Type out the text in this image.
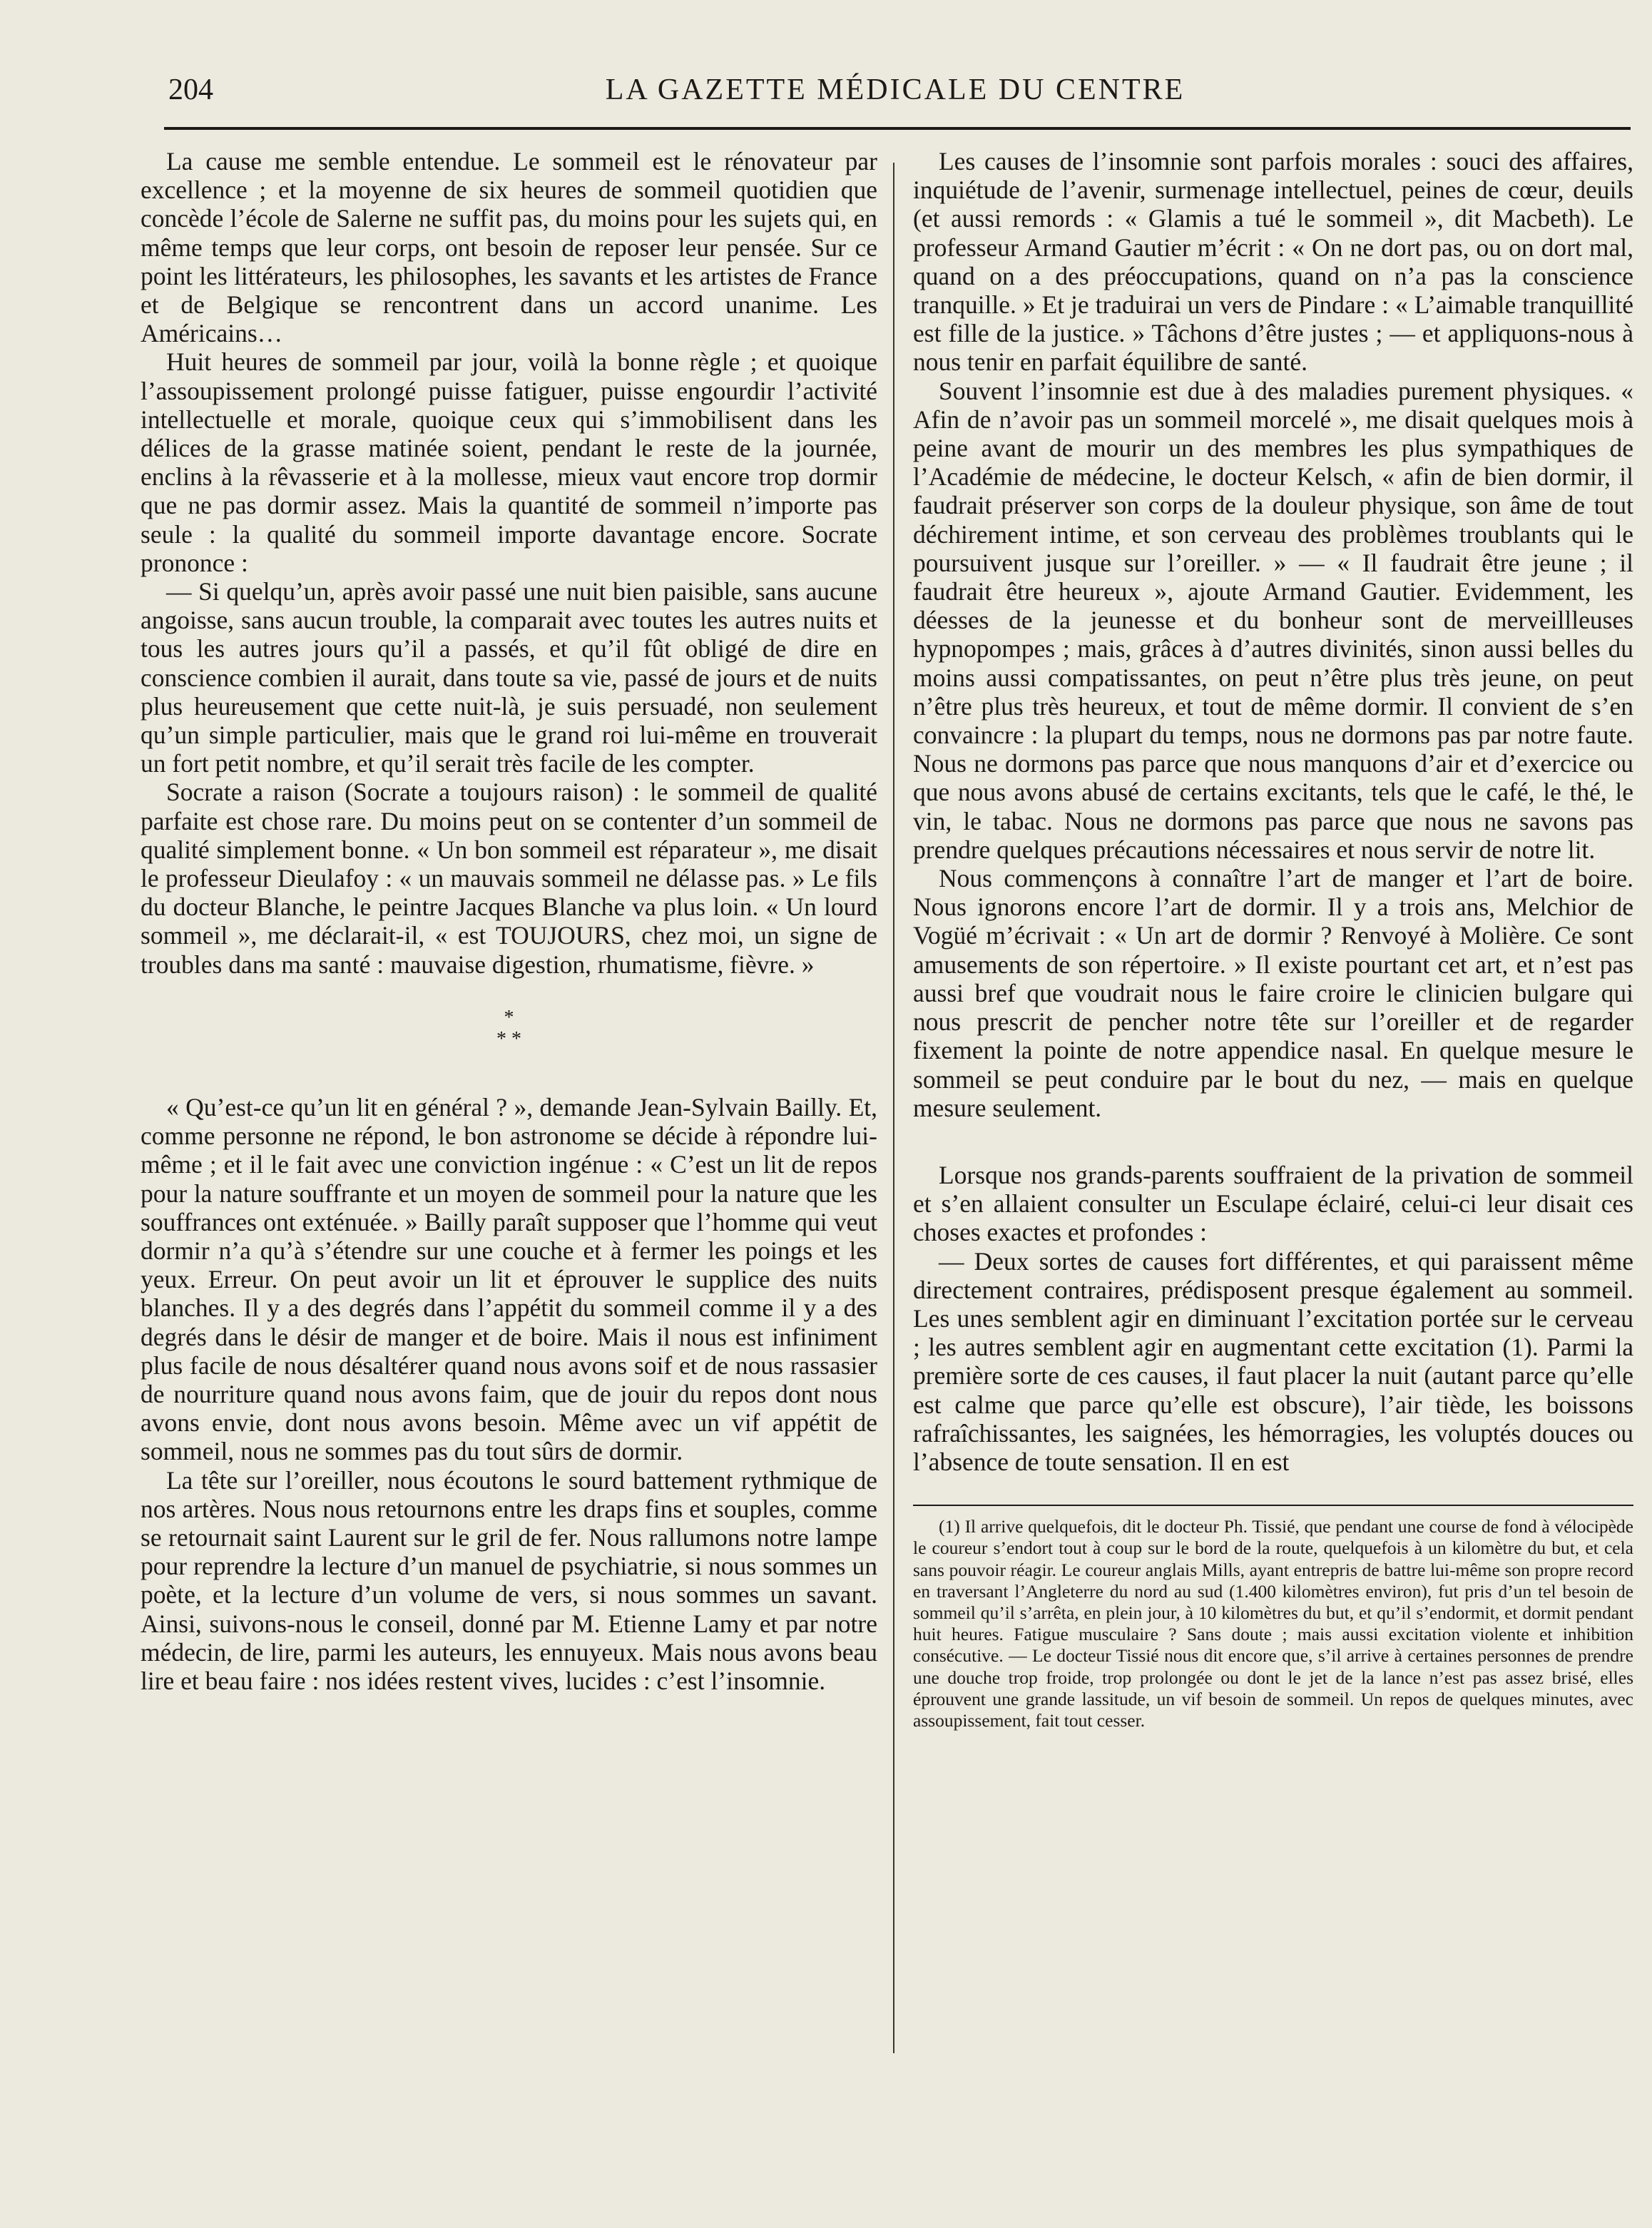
204	LA GAZETTE MÉDICALE DU CENTRE

La cause me semble entendue. Le sommeil est le rénovateur par excellence ; et la moyenne de six heures de sommeil quotidien que concède l’école de Salerne ne suffit pas, du moins pour les sujets qui, en même temps que leur corps, ont besoin de reposer leur pensée. Sur ce point les littérateurs, les philosophes, les savants et les artistes de France et de Belgique se rencontrent dans un accord unanime. Les Américains…

Huit heures de sommeil par jour, voilà la bonne règle ; et quoique l’assoupissement prolongé puisse fatiguer, puisse engourdir l’activité intellectuelle et morale, quoique ceux qui s’immobilisent dans les délices de la grasse matinée soient, pendant le reste de la journée, enclins à la rêvasserie et à la mollesse, mieux vaut encore trop dormir que ne pas dormir assez. Mais la quantité de sommeil n’importe pas seule : la qualité du sommeil importe davantage encore. Socrate prononce :

— Si quelqu’un, après avoir passé une nuit bien paisible, sans aucune angoisse, sans aucun trouble, la comparait avec toutes les autres nuits et tous les autres jours qu’il a passés, et qu’il fût obligé de dire en conscience combien il aurait, dans toute sa vie, passé de jours et de nuits plus heureusement que cette nuit-là, je suis persuadé, non seulement qu’un simple particulier, mais que le grand roi lui-même en trouverait un fort petit nombre, et qu’il serait très facile de les compter.

Socrate a raison (Socrate a toujours raison) : le sommeil de qualité parfaite est chose rare. Du moins peut on se contenter d’un sommeil de qualité simplement bonne. « Un bon sommeil est réparateur », me disait le professeur Dieulafoy : « un mauvais sommeil ne délasse pas. » Le fils du docteur Blanche, le peintre Jacques Blanche va plus loin. « Un lourd sommeil », me déclarait-il, « est TOUJOURS, chez moi, un signe de troubles dans ma santé : mauvaise digestion, rhumatisme, fièvre. »

*
* *

« Qu’est-ce qu’un lit en général ? », demande Jean-Sylvain Bailly. Et, comme personne ne répond, le bon astronome se décide à répondre lui-même ; et il le fait avec une conviction ingénue : « C’est un lit de repos pour la nature souffrante et un moyen de sommeil pour la nature que les souffrances ont exténuée. » Bailly paraît supposer que l’homme qui veut dormir n’a qu’à s’étendre sur une couche et à fermer les poings et les yeux. Erreur. On peut avoir un lit et éprouver le supplice des nuits blanches. Il y a des degrés dans l’appétit du sommeil comme il y a des degrés dans le désir de manger et de boire. Mais il nous est infiniment plus facile de nous désaltérer quand nous avons soif et de nous rassasier de nourriture quand nous avons faim, que de jouir du repos dont nous avons envie, dont nous avons besoin. Même avec un vif appétit de sommeil, nous ne sommes pas du tout sûrs de dormir.

La tête sur l’oreiller, nous écoutons le sourd battement rythmique de nos artères. Nous nous retournons entre les draps fins et souples, comme se retournait saint Laurent sur le gril de fer. Nous rallumons notre lampe pour reprendre la lecture d’un manuel de psychiatrie, si nous sommes un poète, et la lecture d’un volume de vers, si nous sommes un savant. Ainsi, suivons-nous le conseil, donné par M. Etienne Lamy et par notre médecin, de lire, parmi les auteurs, les ennuyeux. Mais nous avons beau lire et beau faire : nos idées restent vives, lucides : c’est l’insomnie.

Les causes de l’insomnie sont parfois morales : souci des affaires, inquiétude de l’avenir, surmenage intellectuel, peines de cœur, deuils (et aussi remords : « Glamis a tué le sommeil », dit Macbeth). Le professeur Armand Gautier m’écrit : « On ne dort pas, ou on dort mal, quand on a des préoccupations, quand on n’a pas la conscience tranquille. » Et je traduirai un vers de Pindare : « L’aimable tranquillité est fille de la justice. » Tâchons d’être justes ; — et appliquons-nous à nous tenir en parfait équilibre de santé.

Souvent l’insomnie est due à des maladies purement physiques. « Afin de n’avoir pas un sommeil morcelé », me disait quelques mois à peine avant de mourir un des membres les plus sympathiques de l’Académie de médecine, le docteur Kelsch, « afin de bien dormir, il faudrait préserver son corps de la douleur physique, son âme de tout déchirement intime, et son cerveau des problèmes troublants qui le poursuivent jusque sur l’oreiller. » — « Il faudrait être jeune ; il faudrait être heureux », ajoute Armand Gautier. Evidemment, les déesses de la jeunesse et du bonheur sont de merveillleuses hypnopompes ; mais, grâces à d’autres divinités, sinon aussi belles du moins aussi compatissantes, on peut n’être plus très jeune, on peut n’être plus très heureux, et tout de même dormir. Il convient de s’en convaincre : la plupart du temps, nous ne dormons pas par notre faute. Nous ne dormons pas parce que nous manquons d’air et d’exercice ou que nous avons abusé de certains excitants, tels que le café, le thé, le vin, le tabac. Nous ne dormons pas parce que nous ne savons pas prendre quelques précautions nécessaires et nous servir de notre lit.

Nous commençons à connaître l’art de manger et l’art de boire. Nous ignorons encore l’art de dormir. Il y a trois ans, Melchior de Vogüé m’écrivait : « Un art de dormir ? Renvoyé à Molière. Ce sont amusements de son répertoire. » Il existe pourtant cet art, et n’est pas aussi bref que voudrait nous le faire croire le clinicien bulgare qui nous prescrit de pencher notre tête sur l’oreiller et de regarder fixement la pointe de notre appendice nasal. En quelque mesure le sommeil se peut conduire par le bout du nez, — mais en quelque mesure seulement.

Lorsque nos grands-parents souffraient de la privation de sommeil et s’en allaient consulter un Esculape éclairé, celui-ci leur disait ces choses exactes et profondes :

— Deux sortes de causes fort différentes, et qui paraissent même directement contraires, prédisposent presque également au sommeil. Les unes semblent agir en diminuant l’excitation portée sur le cerveau ; les autres semblent agir en augmentant cette excitation (1). Parmi la première sorte de ces causes, il faut placer la nuit (autant parce qu’elle est calme que parce qu’elle est obscure), l’air tiède, les boissons rafraîchissantes, les saignées, les hémorragies, les voluptés douces ou l’absence de toute sensation. Il en est

(1) Il arrive quelquefois, dit le docteur Ph. Tissié, que pendant une course de fond à vélocipède le coureur s’endort tout à coup sur le bord de la route, quelquefois à un kilomètre du but, et cela sans pouvoir réagir. Le coureur anglais Mills, ayant entrepris de battre lui-même son propre record en traversant l’Angleterre du nord au sud (1.400 kilomètres environ), fut pris d’un tel besoin de sommeil qu’il s’arrêta, en plein jour, à 10 kilomètres du but, et qu’il s’endormit, et dormit pendant huit heures. Fatigue musculaire ? Sans doute ; mais aussi excitation violente et inhibition consécutive. — Le docteur Tissié nous dit encore que, s’il arrive à certaines personnes de prendre une douche trop froide, trop prolongée ou dont le jet de la lance n’est pas assez brisé, elles éprouvent une grande lassitude, un vif besoin de sommeil. Un repos de quelques minutes, avec assoupissement, fait tout cesser.
